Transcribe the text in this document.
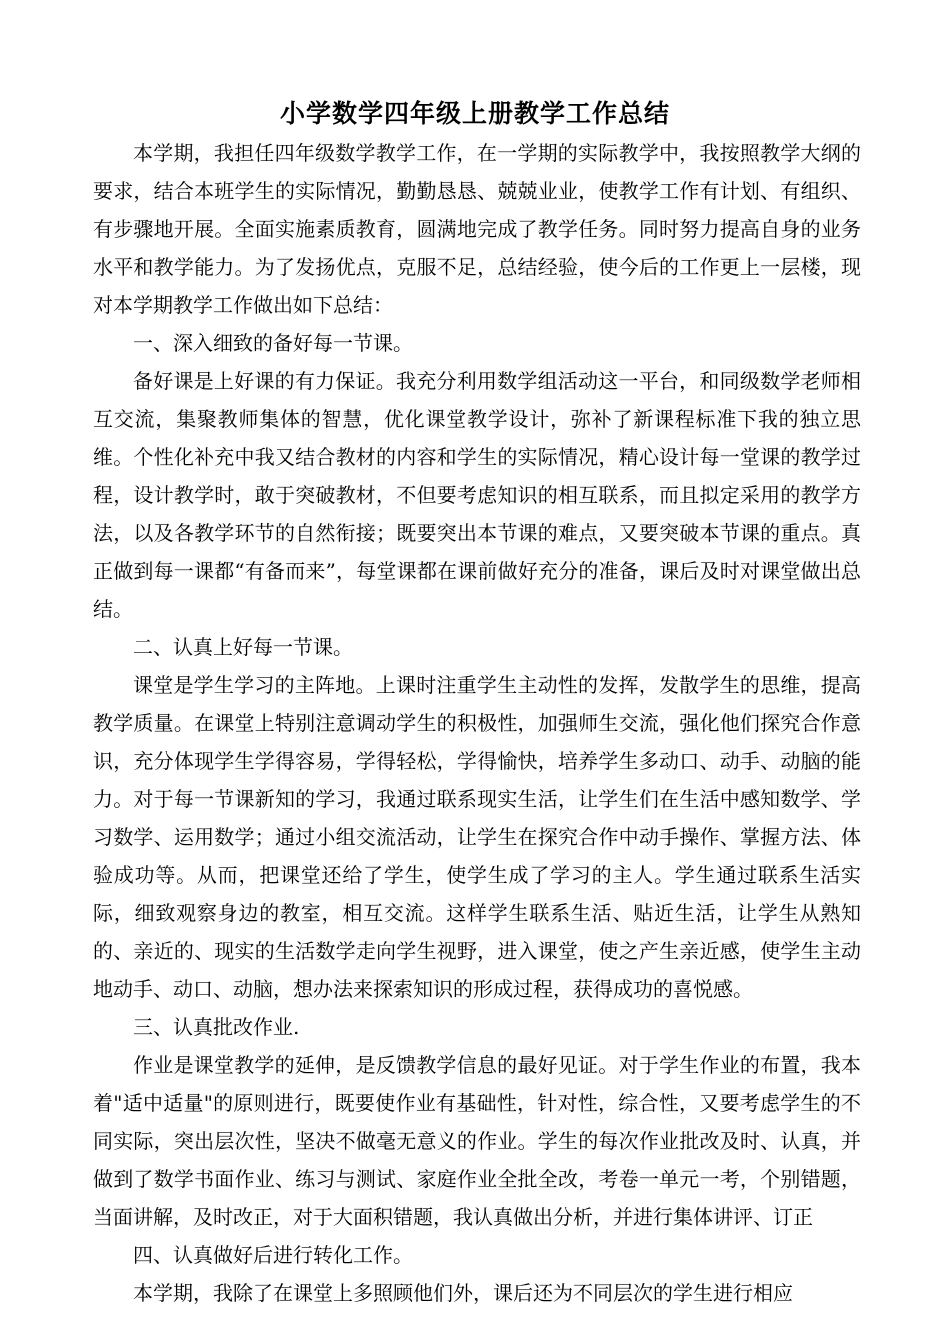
小学数学四年级上册教学工作总结

本学期，我担任四年级数学教学工作，在一学期的实际教学中，我按照教学大纲的要求，结合本班学生的实际情况，勤勤恳恳、兢兢业业，使教学工作有计划、有组织、有步骤地开展。全面实施素质教育，圆满地完成了教学任务。同时努力提高自身的业务水平和教学能力。为了发扬优点，克服不足，总结经验，使今后的工作更上一层楼，现对本学期教学工作做出如下总结：

一、深入细致的备好每一节课。

备好课是上好课的有力保证。我充分利用数学组活动这一平台，和同级数学老师相互交流，集聚教师集体的智慧，优化课堂教学设计，弥补了新课程标准下我的独立思维。个性化补充中我又结合教材的内容和学生的实际情况，精心设计每一堂课的教学过程，设计教学时，敢于突破教材，不但要考虑知识的相互联系，而且拟定采用的教学方法，以及各教学环节的自然衔接；既要突出本节课的难点，又要突破本节课的重点。真正做到每一课都“有备而来”，每堂课都在课前做好充分的准备，课后及时对课堂做出总结。

二、认真上好每一节课。

课堂是学生学习的主阵地。上课时注重学生主动性的发挥，发散学生的思维，提高教学质量。在课堂上特别注意调动学生的积极性，加强师生交流，强化他们探究合作意识，充分体现学生学得容易，学得轻松，学得愉快，培养学生多动口、动手、动脑的能力。对于每一节课新知的学习，我通过联系现实生活，让学生们在生活中感知数学、学习数学、运用数学；通过小组交流活动，让学生在探究合作中动手操作、掌握方法、体验成功等。从而，把课堂还给了学生，使学生成了学习的主人。学生通过联系生活实际，细致观察身边的教室，相互交流。这样学生联系生活、贴近生活，让学生从熟知的、亲近的、现实的生活数学走向学生视野，进入课堂，使之产生亲近感，使学生主动地动手、动口、动脑，想办法来探索知识的形成过程，获得成功的喜悦感。

三、认真批改作业.

作业是课堂教学的延伸，是反馈教学信息的最好见证。对于学生作业的布置，我本着"适中适量"的原则进行，既要使作业有基础性，针对性，综合性，又要考虑学生的不同实际，突出层次性，坚决不做毫无意义的作业。学生的每次作业批改及时、认真，并做到了数学书面作业、练习与测试、家庭作业全批全改，考卷一单元一考，个别错题，当面讲解，及时改正，对于大面积错题，我认真做出分析，并进行集体讲评、订正

四、认真做好后进行转化工作。

本学期，我除了在课堂上多照顾他们外，课后还为不同层次的学生进行相应
